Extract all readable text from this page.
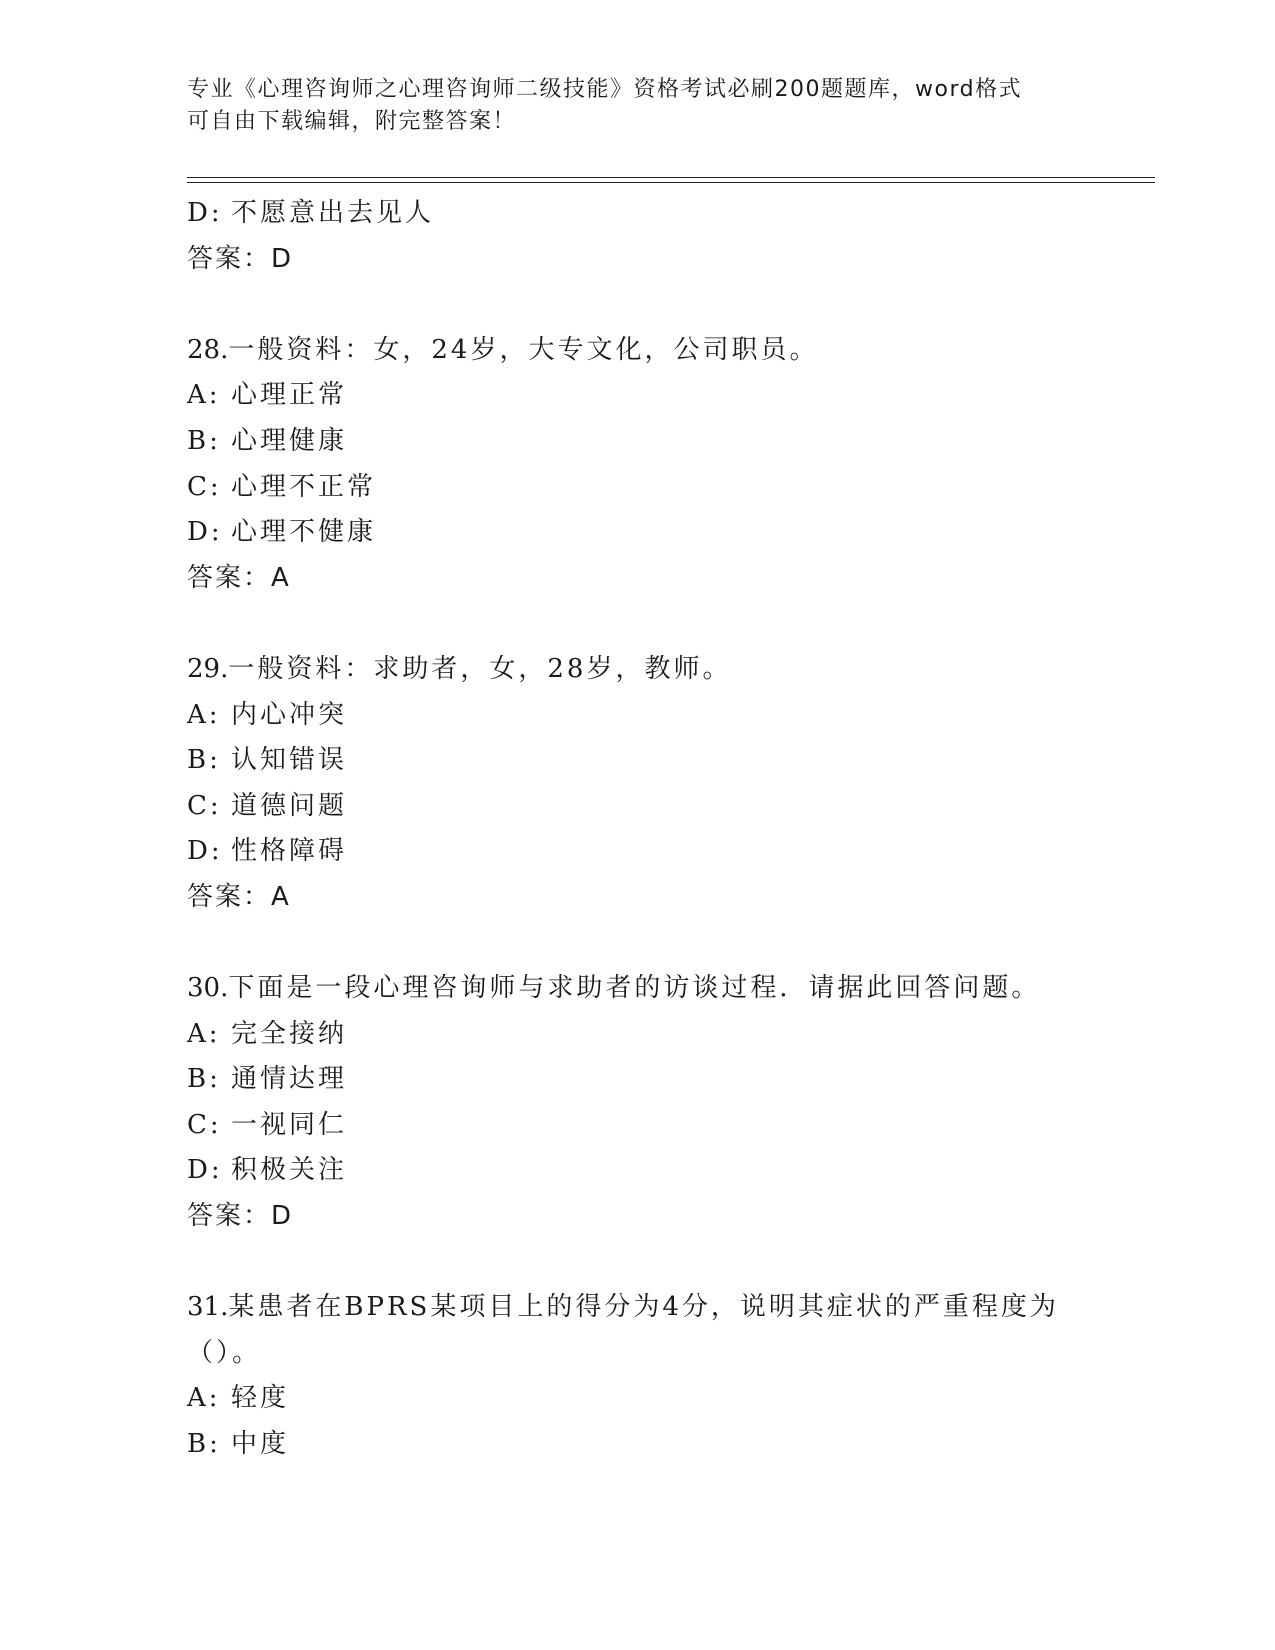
专业《心理咨询师之心理咨询师二级技能》资格考试必刷200题题库，word格式
可自由下载编辑，附完整答案！
D: 不愿意出去见人
答案：D
28.一般资料：女，24岁，大专文化，公司职员。
A: 心理正常
B: 心理健康
C: 心理不正常
D: 心理不健康
答案：A
29.一般资料：求助者，女，28岁，教师。
A: 内心冲突
B: 认知错误
C: 道德问题
D: 性格障碍
答案：A
30.下面是一段心理咨询师与求助者的访谈过程．请据此回答问题。
A: 完全接纳
B: 通情达理
C: 一视同仁
D: 积极关注
答案：D
31.某患者在BPRS某项目上的得分为4分，说明其症状的严重程度为
（）。
A: 轻度
B: 中度
